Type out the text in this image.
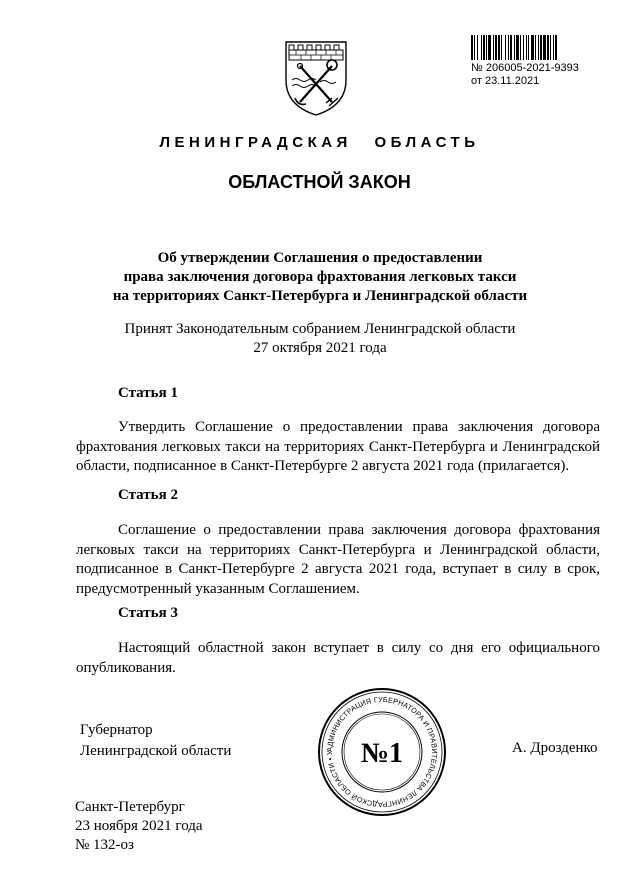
№ 206005-2021-9393
от 23.11.2021
ЛЕНИНГРАДСКАЯ ОБЛАСТЬ
ОБЛАСТНОЙ ЗАКОН
Об утверждении Соглашения о предоставлении
права заключения договора фрахтования легковых такси
на территориях Санкт-Петербурга и Ленинградской области
Принят Законодательным собранием Ленинградской области
27 октября 2021 года
Статья 1
Утвердить Соглашение о предоставлении права заключения договора фрахтования легковых такси на территориях Санкт-Петербурга и Ленинградской области, подписанное в Санкт-Петербурге 2 августа 2021 года (прилагается).
Статья 2
Соглашение о предоставлении права заключения договора фрахтования легковых такси на территориях Санкт-Петербурга и Ленинградской области, подписанное в Санкт-Петербурге 2 августа 2021 года, вступает в силу в срок, предусмотренный указанным Соглашением.
Статья 3
Настоящий областной закон вступает в силу со дня его официального опубликования.
Губернатор
Ленинградской области	А. Дрозденко
АДМИНИСТРАЦИЯ ГУБЕРНАТОРА И ПРАВИТЕЛЬСТВА ЛЕНИНГРАДСКОЙ ОБЛАСТИ • У №1
Санкт-Петербург
23 ноября 2021 года
№ 132-оз
